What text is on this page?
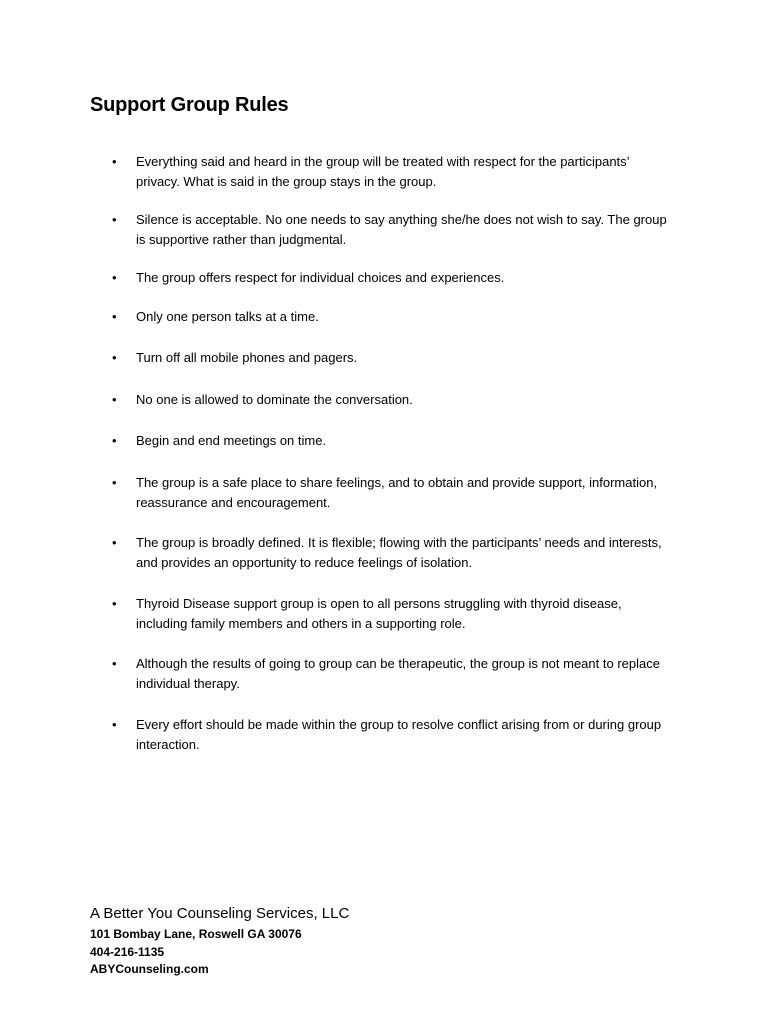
Support Group Rules
• Everything said and heard in the group will be treated with respect for the participants’ privacy. What is said in the group stays in the group.
• Silence is acceptable. No one needs to say anything she/he does not wish to say. The group is supportive rather than judgmental.
• The group offers respect for individual choices and experiences.
• Only one person talks at a time.
• Turn off all mobile phones and pagers.
• No one is allowed to dominate the conversation.
• Begin and end meetings on time.
• The group is a safe place to share feelings, and to obtain and provide support, information, reassurance and encouragement.
• The group is broadly defined. It is flexible; flowing with the participants’ needs and interests, and provides an opportunity to reduce feelings of isolation.
• Thyroid Disease support group is open to all persons struggling with thyroid disease, including family members and others in a supporting role.
• Although the results of going to group can be therapeutic, the group is not meant to replace individual therapy.
• Every effort should be made within the group to resolve conflict arising from or during group interaction.

A Better You Counseling Services, LLC

101 Bombay Lane, Roswell GA 30076

404-216-1135

ABYCounseling.com
